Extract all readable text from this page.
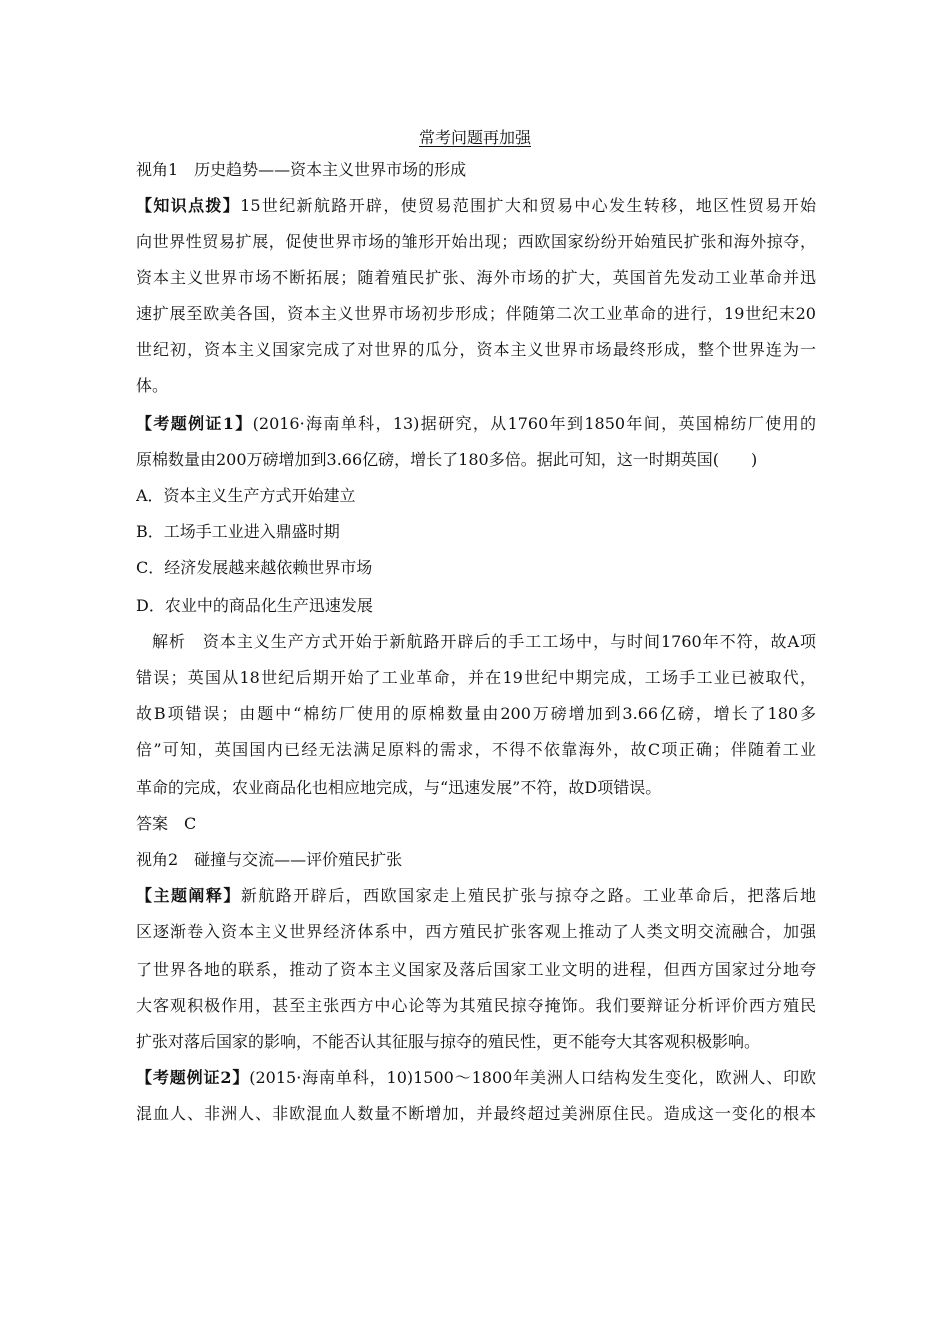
常考问题再加强
视角1　历史趋势——资本主义世界市场的形成
【知识点拨】15世纪新航路开辟，使贸易范围扩大和贸易中心发生转移，地区性贸易开始
向世界性贸易扩展，促使世界市场的雏形开始出现；西欧国家纷纷开始殖民扩张和海外掠夺，
资本主义世界市场不断拓展；随着殖民扩张、海外市场的扩大，英国首先发动工业革命并迅
速扩展至欧美各国，资本主义世界市场初步形成；伴随第二次工业革命的进行，19世纪末20
世纪初，资本主义国家完成了对世界的瓜分，资本主义世界市场最终形成，整个世界连为一
体。
【考题例证1】(2016·海南单科，13)据研究，从1760年到1850年间，英国棉纺厂使用的
原棉数量由200万磅增加到3.66亿磅，增长了180多倍。据此可知，这一时期英国(　　)
A．资本主义生产方式开始建立
B．工场手工业进入鼎盛时期
C．经济发展越来越依赖世界市场
D．农业中的商品化生产迅速发展
解析　资本主义生产方式开始于新航路开辟后的手工工场中，与时间1760年不符，故A项
错误；英国从18世纪后期开始了工业革命，并在19世纪中期完成，工场手工业已被取代，
故B项错误；由题中“棉纺厂使用的原棉数量由200万磅增加到3.66亿磅，增长了180多
倍”可知，英国国内已经无法满足原料的需求，不得不依靠海外，故C项正确；伴随着工业
革命的完成，农业商品化也相应地完成，与“迅速发展”不符，故D项错误。
答案　C
视角2　碰撞与交流——评价殖民扩张
【主题阐释】新航路开辟后，西欧国家走上殖民扩张与掠夺之路。工业革命后，把落后地
区逐渐卷入资本主义世界经济体系中，西方殖民扩张客观上推动了人类文明交流融合，加强
了世界各地的联系，推动了资本主义国家及落后国家工业文明的进程，但西方国家过分地夸
大客观积极作用，甚至主张西方中心论等为其殖民掠夺掩饰。我们要辩证分析评价西方殖民
扩张对落后国家的影响，不能否认其征服与掠夺的殖民性，更不能夸大其客观积极影响。
【考题例证2】(2015·海南单科，10)1500～1800年美洲人口结构发生变化，欧洲人、印欧
混血人、非洲人、非欧混血人数量不断增加，并最终超过美洲原住民。造成这一变化的根本
